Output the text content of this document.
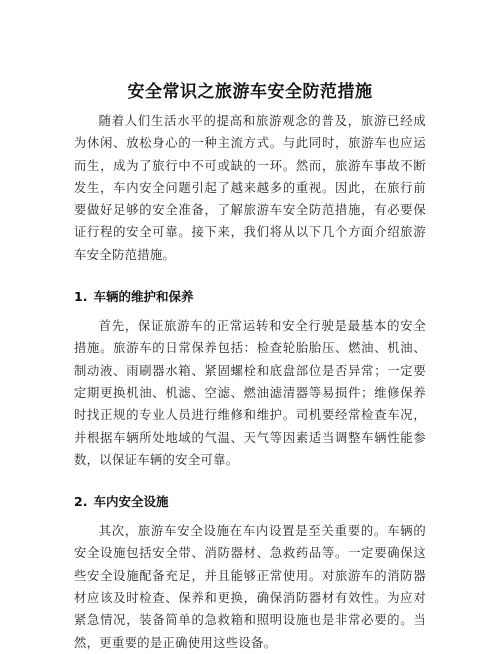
安全常识之旅游车安全防范措施

随着人们生活水平的提高和旅游观念的普及，旅游已经成为休闲、放松身心的一种主流方式。与此同时，旅游车也应运而生，成为了旅行中不可或缺的一环。然而，旅游车事故不断发生，车内安全问题引起了越来越多的重视。因此，在旅行前要做好足够的安全准备，了解旅游车安全防范措施，有必要保证行程的安全可靠。接下来，我们将从以下几个方面介绍旅游车安全防范措施。

1. 车辆的维护和保养

首先，保证旅游车的正常运转和安全行驶是最基本的安全措施。旅游车的日常保养包括：检查轮胎胎压、燃油、机油、制动液、雨刷器水箱、紧固螺栓和底盘部位是否异常；一定要定期更换机油、机滤、空滤、燃油滤清器等易损件；维修保养时找正规的专业人员进行维修和维护。司机要经常检查车况，并根据车辆所处地域的气温、天气等因素适当调整车辆性能参数，以保证车辆的安全可靠。

2. 车内安全设施

其次，旅游车安全设施在车内设置是至关重要的。车辆的安全设施包括安全带、消防器材、急救药品等。一定要确保这些安全设施配备充足，并且能够正常使用。对旅游车的消防器材应该及时检查、保养和更换，确保消防器材有效性。为应对紧急情况，装备简单的急救箱和照明设施也是非常必要的。当然，更重要的是正确使用这些设备。
